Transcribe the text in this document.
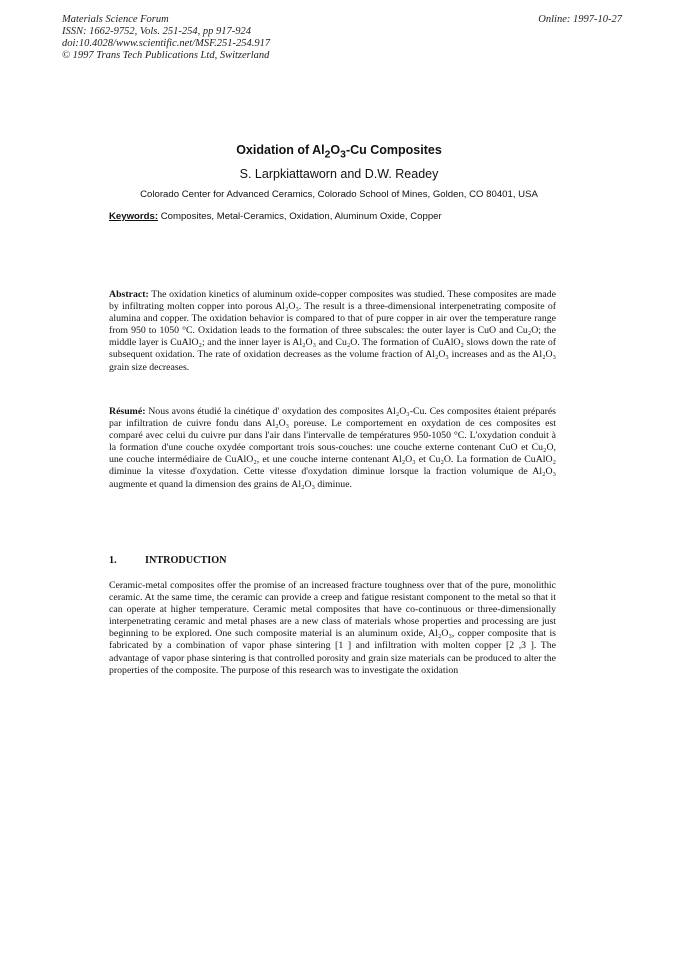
Materials Science Forum
ISSN: 1662-9752, Vols. 251-254, pp 917-924
doi:10.4028/www.scientific.net/MSF.251-254.917
© 1997 Trans Tech Publications Ltd, Switzerland
Online: 1997-10-27
Oxidation of $Al_2O_3-Cu$ Composites
S. Larpkiattaworn and D.W. Readey
Colorado Center for Advanced Ceramics, Colorado School of Mines, Golden, CO 80401, USA
Keywords: Composites, Metal-Ceramics, Oxidation, Aluminum Oxide, Copper
Abstract: The oxidation kinetics of aluminum oxide-copper composites was studied. These composites are made by infiltrating molten copper into porous Al₂O₃. The result is a three-dimensional interpenetrating composite of alumina and copper. The oxidation behavior is compared to that of pure copper in air over the temperature range from 950 to 1050 °C. Oxidation leads to the formation of three subscales: the outer layer is CuO and Cu₂O; the middle layer is CuAlO₂; and the inner layer is Al₂O₃ and Cu₂O. The formation of CuAlO₂ slows down the rate of subsequent oxidation. The rate of oxidation decreases as the volume fraction of Al₂O₃ increases and as the Al₂O₃ grain size decreases.
Résumé: Nous avons étudié la cinétique d' oxydation des composites Al₂O₃-Cu. Ces composites étaient préparés par infiltration de cuivre fondu dans Al₂O₃ poreuse. Le comportement en oxydation de ces composites est comparé avec celui du cuivre pur dans l'air dans l'intervalle de températures 950-1050 °C. L'oxydation conduit à la formation d'une couche oxydée comportant trois sous-couches: une couche externe contenant CuO et Cu₂O, une couche intermédiaire de CuAlO₂, et une couche interne contenant Al₂O₃ et Cu₂O. La formation de CuAlO₂ diminue la vitesse d'oxydation. Cette vitesse d'oxydation diminue lorsque la fraction volumique de Al₂O₃ augmente et quand la dimension des grains de Al₂O₃ diminue.
1.	INTRODUCTION
Ceramic-metal composites offer the promise of an increased fracture toughness over that of the pure, monolithic ceramic. At the same time, the ceramic can provide a creep and fatigue resistant component to the metal so that it can operate at higher temperature. Ceramic metal composites that have co-continuous or three-dimensionally interpenetrating ceramic and metal phases are a new class of materials whose properties and processing are just beginning to be explored. One such composite material is an aluminum oxide, Al₂O₃, copper composite that is fabricated by a combination of vapor phase sintering [1 ] and infiltration with molten copper [2 ,3 ]. The advantage of vapor phase sintering is that controlled porosity and grain size materials can be produced to alter the properties of the composite. The purpose of this research was to investigate the oxidation
